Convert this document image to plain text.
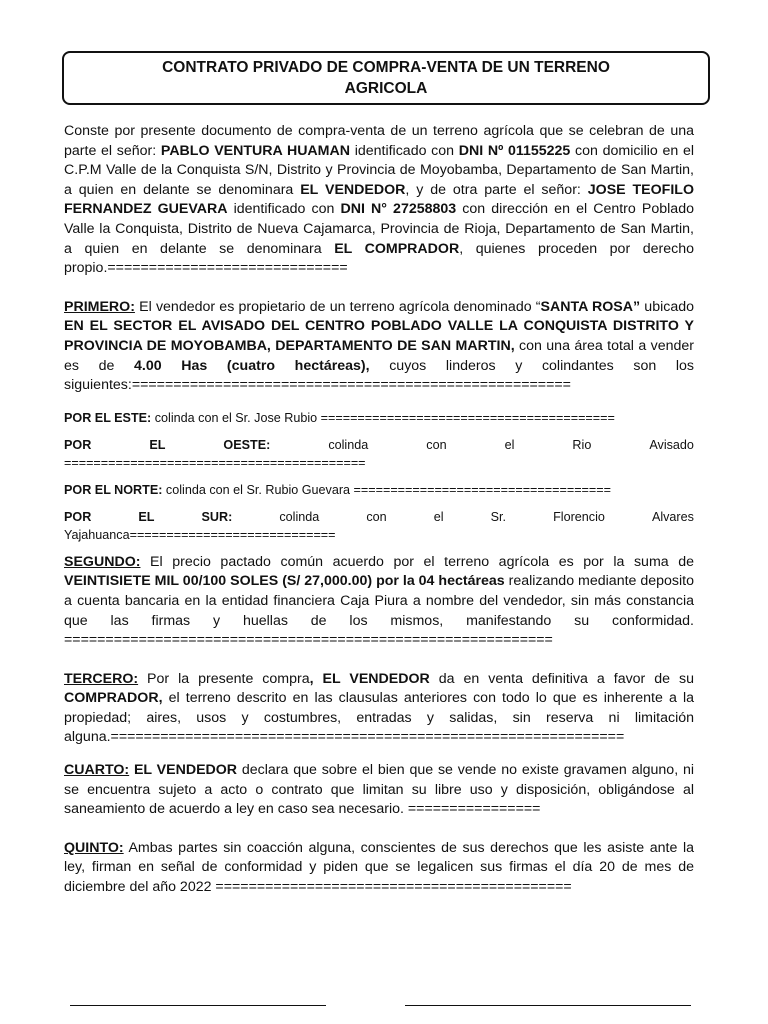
CONTRATO PRIVADO DE COMPRA-VENTA DE UN TERRENO
AGRICOLA

Conste por presente documento de compra-venta de un terreno agrícola que se celebran de una parte el señor: PABLO VENTURA HUAMAN identificado con DNI Nº 01155225 con domicilio en el C.P.M Valle de la Conquista S/N, Distrito y Provincia de Moyobamba, Departamento de San Martin, a quien en delante se denominara EL VENDEDOR, y de otra parte el señor: JOSE TEOFILO FERNANDEZ GUEVARA identificado con DNI N° 27258803 con dirección en el Centro Poblado Valle la Conquista, Distrito de Nueva Cajamarca, Provincia de Rioja, Departamento de San Martin, a quien en delante se denominara EL COMPRADOR, quienes proceden por derecho propio.=============================

PRIMERO: El vendedor es propietario de un terreno agrícola denominado “SANTA ROSA” ubicado EN EL SECTOR EL AVISADO DEL CENTRO POBLADO VALLE LA CONQUISTA DISTRITO Y PROVINCIA DE MOYOBAMBA, DEPARTAMENTO DE SAN MARTIN, con una área total a vender es de 4.00 Has (cuatro hectáreas), cuyos linderos y colindantes son los siguientes:=====================================================

POR EL ESTE: colinda con el Sr. Jose Rubio ========================================

POR	EL	OESTE:	colinda	con	el	Rio	Avisado

=========================================

POR EL NORTE: colinda con el Sr. Rubio Guevara ===================================

POR	EL	SUR:	colinda	con	el	Sr.	Florencio	Alvares

Yajahuanca============================

SEGUNDO: El precio pactado común acuerdo por el terreno agrícola es por la suma de VEINTISIETE MIL 00/100 SOLES (S/ 27,000.00) por la 04 hectáreas realizando mediante deposito a cuenta bancaria en la entidad financiera Caja Piura a nombre del vendedor, sin más constancia que las firmas y huellas de los mismos, manifestando su conformidad. ===========================================================

TERCERO: Por la presente compra, EL VENDEDOR da en venta definitiva a favor de su COMPRADOR, el terreno descrito en las clausulas anteriores con todo lo que es inherente a la propiedad; aires, usos y costumbres, entradas y salidas, sin reserva ni limitación alguna.==============================================================

CUARTO: EL VENDEDOR declara que sobre el bien que se vende no existe gravamen alguno, ni se encuentra sujeto a acto o contrato que limitan su libre uso y disposición, obligándose al saneamiento de acuerdo a ley en caso sea necesario. ================

QUINTO: Ambas partes sin coacción alguna, conscientes de sus derechos que les asiste ante la ley, firman en señal de conformidad y piden que se legalicen sus firmas el día 20 de mes de diciembre del año 2022 ===========================================
